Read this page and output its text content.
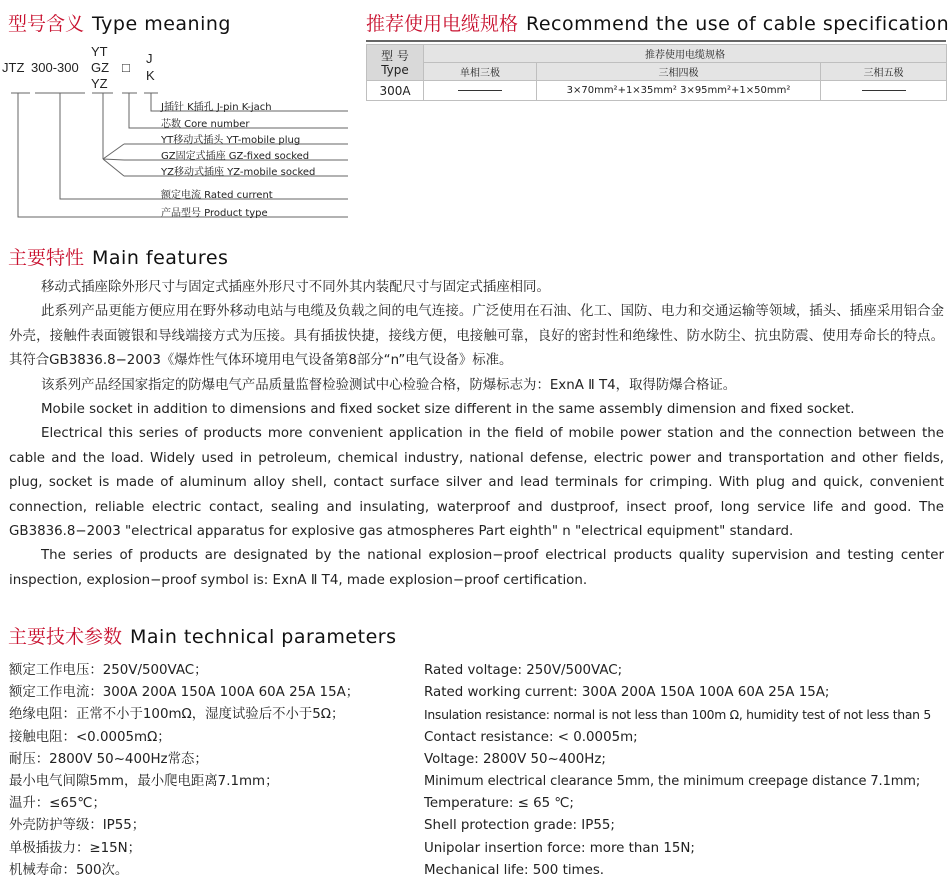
型号含义 Type meaning
JTZ 300-300
YT
GZ
YZ
□
J
K
J插针 K插孔 J-pin K-jach
芯数 Core number
YT移动式插头 YT-mobile plug
GZ固定式插座 GZ-fixed socked
YZ移动式插座 YZ-mobile socked
额定电流 Rated current
产品型号 Product type
推荐使用电缆规格 Recommend the use of cable specification
型 号
Type	推荐使用电缆规格		
	单相三极	三相四极	三相五极
300A		3×70mm²+1×35mm² 3×95mm²+1×50mm²	
主要特性 Main features

移动式插座除外形尺寸与固定式插座外形尺寸不同外其内装配尺寸与固定式插座相同。

此系列产品更能方便应用在野外移动电站与电缆及负载之间的电气连接。广泛使用在石油、化工、国防、电力和交通运输等领域，插头、插座采用铝合金外壳，接触件表面镀银和导线端接方式为压接。具有插拔快捷，接线方便，电接触可靠，良好的密封性和绝缘性、防水防尘、抗虫防震、使用寿命长的特点。其符合GB3836.8−2003《爆炸性气体环境用电气设备第8部分“n”电气设备》标准。

该系列产品经国家指定的防爆电气产品质量监督检验测试中心检验合格，防爆标志为：ExnA Ⅱ T4，取得防爆合格证。

Mobile socket in addition to dimensions and fixed socket size different in the same assembly dimension and fixed socket.

Electrical this series of products more convenient application in the field of mobile power station and the connection between the cable and the load. Widely used in petroleum, chemical industry, national defense, electric power and transportation and other fields, plug, socket is made of aluminum alloy shell, contact surface silver and lead terminals for crimping. With plug and quick, convenient connection, reliable electric contact, sealing and insulating, waterproof and dustproof, insect proof, long service life and good. The GB3836.8−2003 "electrical apparatus for explosive gas atmospheres Part eighth" n "electrical equipment" standard.

The series of products are designated by the national explosion−proof electrical products quality supervision and testing center inspection, explosion−proof symbol is: ExnA Ⅱ T4, made explosion−proof certification.

主要技术参数 Main technical parameters
额定工作电压：250V/500VAC；
额定工作电流：300A 200A 150A 100A 60A 25A 15A；
绝缘电阻：正常不小于100mΩ，湿度试验后不小于5Ω；
接触电阻：<0.0005mΩ；
耐压：2800V 50~400Hz常态；
最小电气间隙5mm，最小爬电距离7.1mm；
温升：≤65℃；
外壳防护等级：IP55；
单极插拔力：≥15N；
机械寿命：500次。
Rated voltage: 250V/500VAC;
Rated working current: 300A 200A 150A 100A 60A 25A 15A;
Insulation resistance: normal is not less than 100m Ω, humidity test of not less than 5
Contact resistance: < 0.0005m;
Voltage: 2800V 50~400Hz;
Minimum electrical clearance 5mm, the minimum creepage distance 7.1mm;
Temperature: ≤ 65 ℃;
Shell protection grade: IP55;
Unipolar insertion force: more than 15N;
Mechanical life: 500 times.
